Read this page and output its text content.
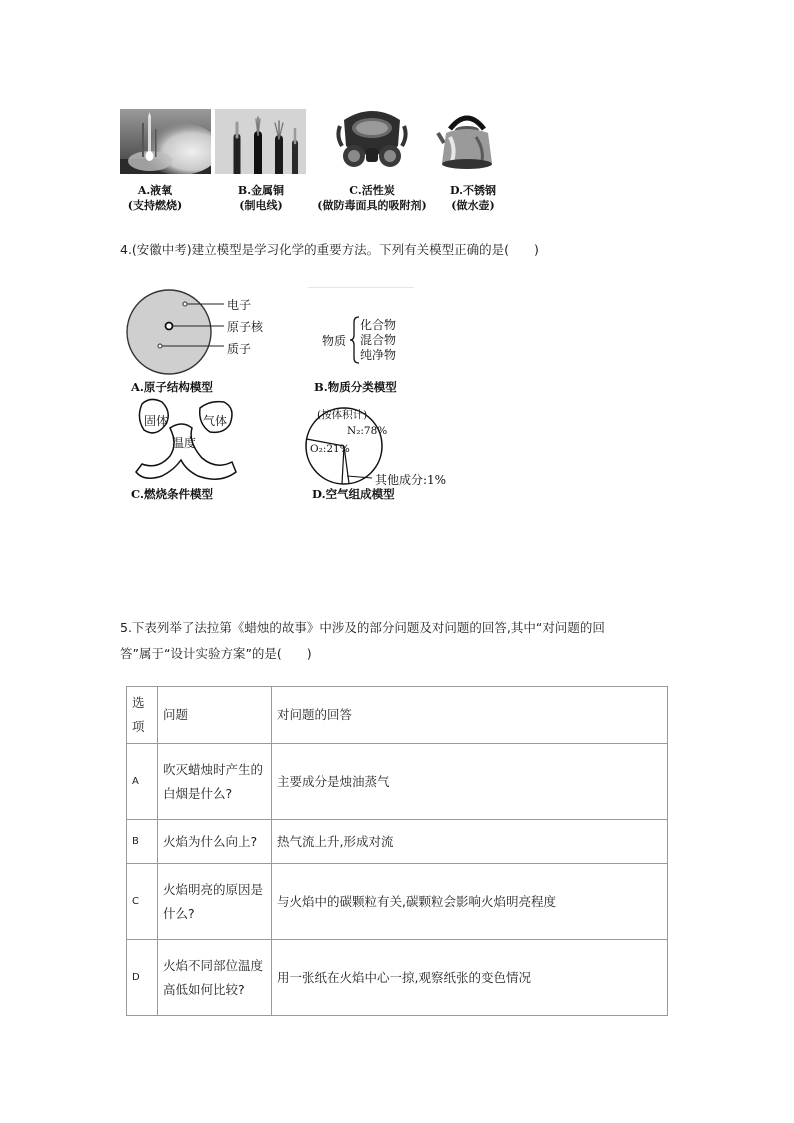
A.液氧
(支持燃烧)
B.金属铜
(制电线)
C.活性炭
(做防毒面具的吸附剂)
D.不锈钢
(做水壶)
4.(安徽中考)建立模型是学习化学的重要方法。下列有关模型正确的是(　　)
电子
原子核
质子
A.原子结构模型
物质
化合物
混合物
纯净物
B.物质分类模型
固体	气体
温度
C.燃烧条件模型
(按体积计)
N₂:78%
O₂:21%
其他成分:1%
D.空气组成模型
5.下表列举了法拉第《蜡烛的故事》中涉及的部分问题及对问题的回答,其中“对问题的回
答”属于“设计实验方案”的是(　　)
选项	问题	对问题的回答
A	吹灭蜡烛时产生的白烟是什么?	主要成分是烛油蒸气
B	火焰为什么向上?	热气流上升,形成对流
C	火焰明亮的原因是什么?	与火焰中的碳颗粒有关,碳颗粒会影响火焰明亮程度
D	火焰不同部位温度高低如何比较?	用一张纸在火焰中心一掠,观察纸张的变色情况
